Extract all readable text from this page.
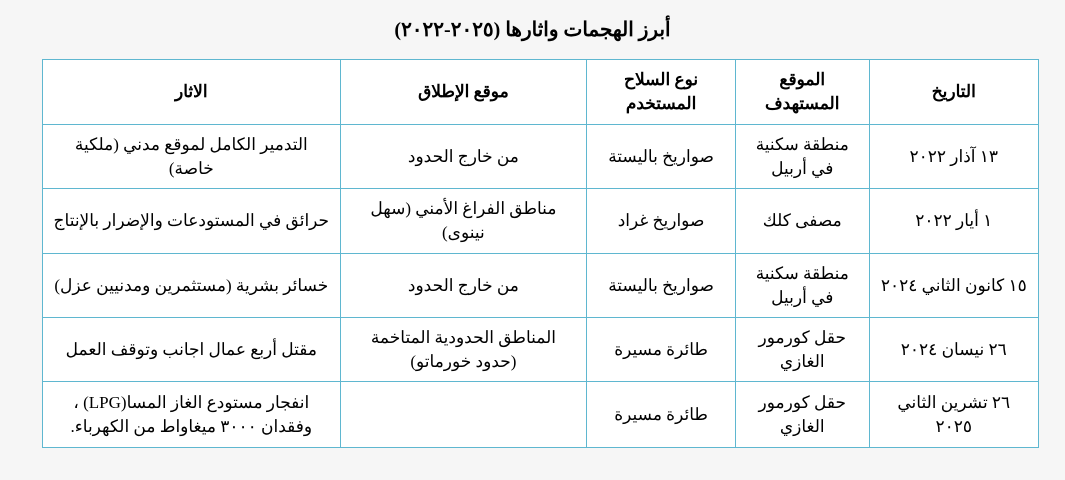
أبرز الهجمات واثارها (٢٠٢٥-٢٠٢٢)
التاريخ	الموقع المستهدف	نوع السلاح المستخدم	موقع الإطلاق	الاثار
١٣ آذار ٢٠٢٢	منطقة سكنية في أربيل	صواريخ باليستة	من خارج الحدود	التدمير الكامل لموقع مدني (ملكية خاصة)
١ أيار ٢٠٢٢	مصفى كلك	صواريخ غراد	مناطق الفراغ الأمني (سهل نينوى)	حرائق في المستودعات والإضرار بالإنتاج
١٥ كانون الثاني ٢٠٢٤	منطقة سكنية في أربيل	صواريخ باليستة	من خارج الحدود	خسائر بشرية (مستثمرين ومدنيين عزل)
٢٦ نيسان ٢٠٢٤	حقل كورمور الغازي	طائرة مسيرة	المناطق الحدودية المتاخمة (حدود خورماتو)	مقتل أربع عمال اجانب وتوقف العمل
٢٦ تشرين الثاني ٢٠٢٥	حقل كورمور الغازي	طائرة مسيرة		انفجار مستودع الغاز المسا(LPG) ، وفقدان ٣٠٠٠ ميغاواط من الكهرباء.
